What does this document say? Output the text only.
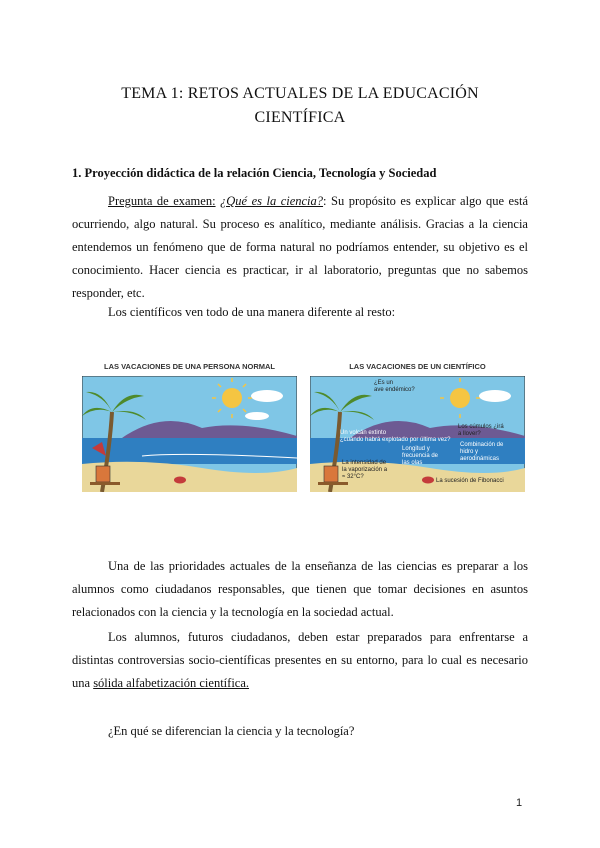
TEMA 1: RETOS ACTUALES DE LA EDUCACIÓN
CIENTÍFICA
1. Proyección didáctica de la relación Ciencia, Tecnología y Sociedad

Pregunta de examen: ¿Qué es la ciencia?: Su propósito es explicar algo que está ocurriendo, algo natural. Su proceso es analítico, mediante análisis. Gracias a la ciencia entendemos un fenómeno que de forma natural no podríamos entender, su objetivo es el conocimiento. Hacer ciencia es practicar, ir al laboratorio, preguntas que no sabemos responder, etc.

Los científicos ven todo de una manera diferente al resto:

LAS VACACIONES DE UNA PERSONA NORMAL	LAS VACACIONES DE UN CIENTÍFICO
¿Es un ave endémico?
Los cúmulos ¿irá a llover?
Un volcán extinto ¿cuándo habrá explotado por última vez?
Combinación de hidro y aerodinámicas
Longitud y frecuencia de las olas
La intensidad de la vaporización a ≈ 32°C?
La sucesión de Fibonacci

Una de las prioridades actuales de la enseñanza de las ciencias es preparar a los alumnos como ciudadanos responsables, que tienen que tomar decisiones en asuntos relacionados con la ciencia y la tecnología en la sociedad actual.

Los alumnos, futuros ciudadanos, deben estar preparados para enfrentarse a distintas controversias socio-científicas presentes en su entorno, para lo cual es necesario una sólida alfabetización científica.

¿En qué se diferencian la ciencia y la tecnología?

1
